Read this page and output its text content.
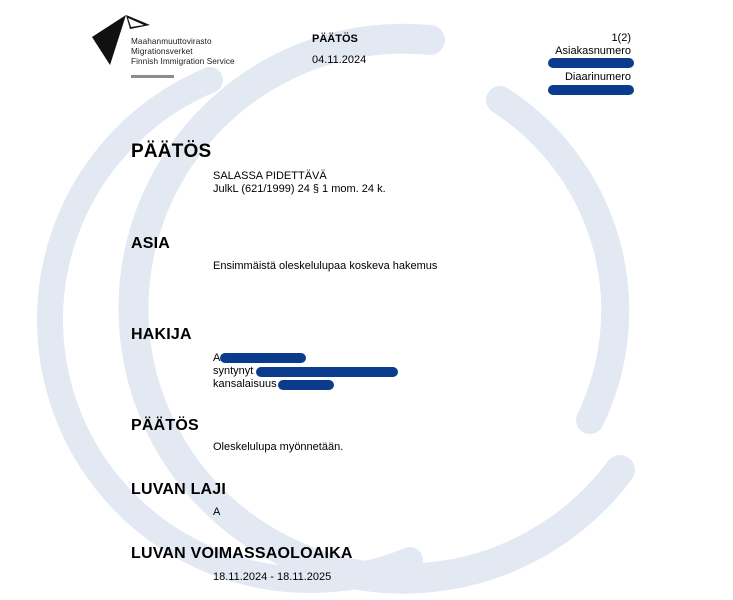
Maahanmuuttovirasto
Migrationsverket
Finnish Immigration Service
PÄÄTÖS
04.11.2024
1(2)
Asiakasnumero
Diaarinumero
PÄÄTÖS
SALASSA PIDETTÄVÄ
JulkL (621/1999) 24 § 1 mom. 24 k.
ASIA
Ensimmäistä oleskelulupaa koskeva hakemus
HAKIJA
A
syntynyt
kansalaisuus
PÄÄTÖS
Oleskelulupa myönnetään.
LUVAN LAJI
A
LUVAN VOIMASSAOLOAIKA
18.11.2024 - 18.11.2025
